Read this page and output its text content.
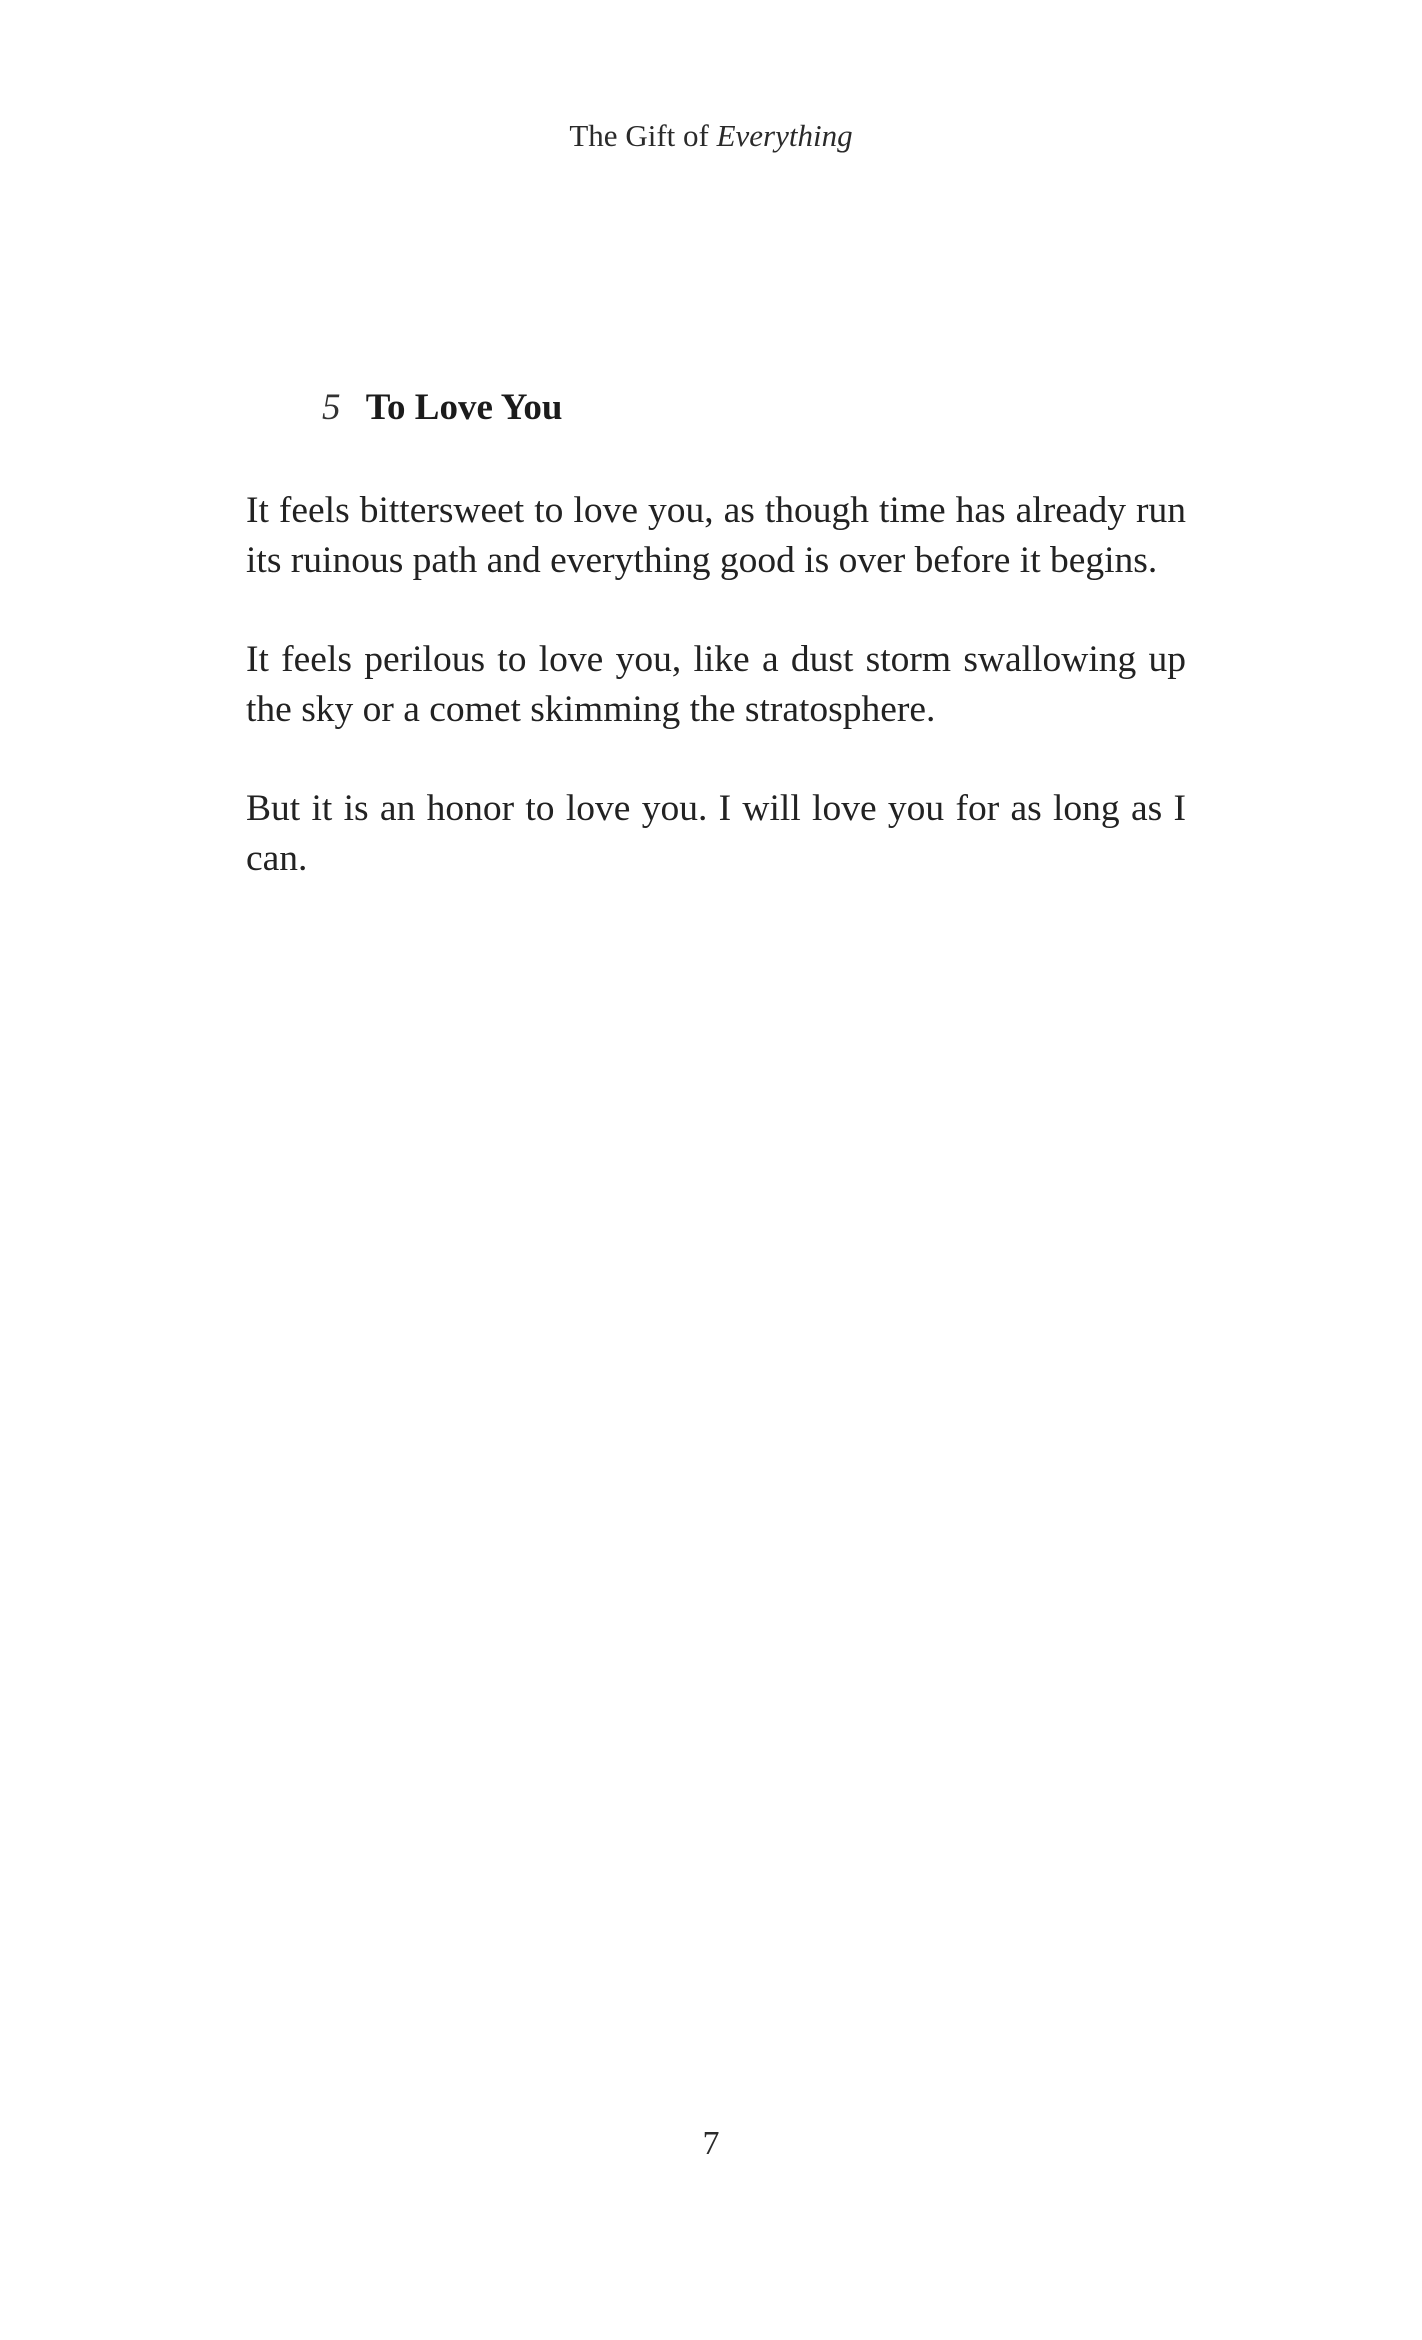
The Gift of Everything
5 To Love You

It feels bittersweet to love you, as though time has already run its ruinous path and everything good is over before it begins.

It feels perilous to love you, like a dust storm swallowing up the sky or a comet skimming the stratosphere.

But it is an honor to love you. I will love you for as long as I can.

7
